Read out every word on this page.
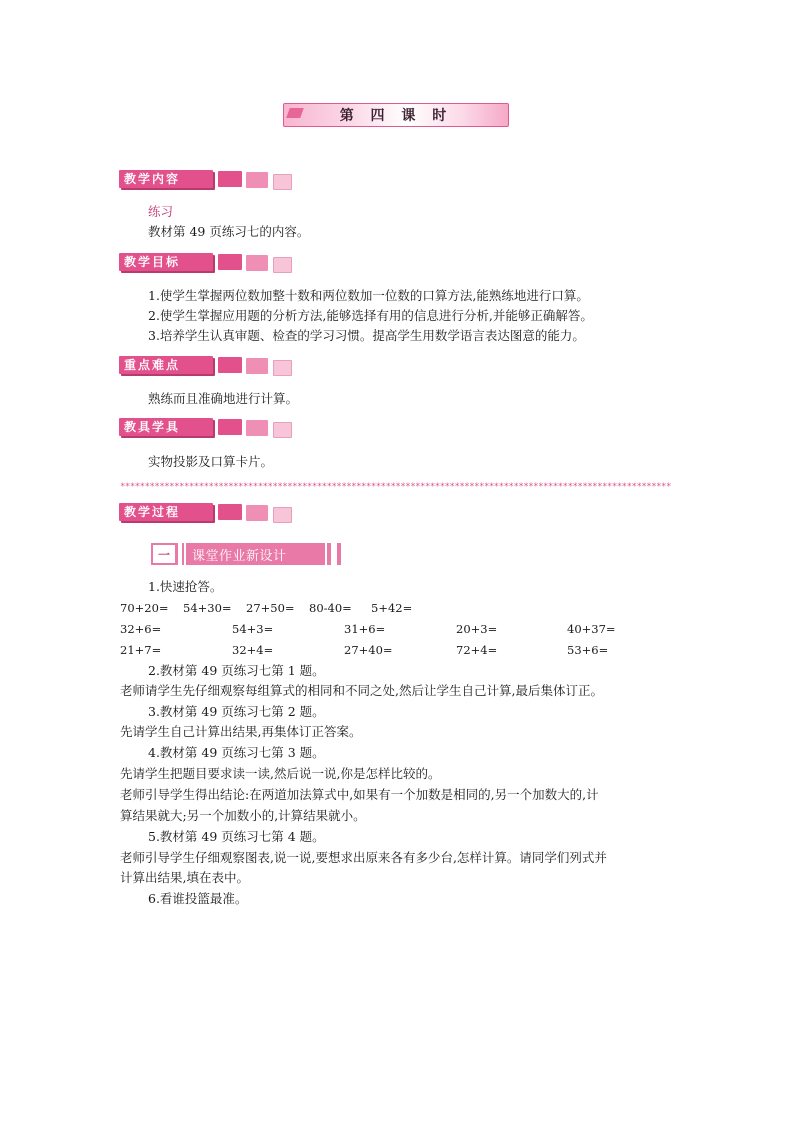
第 四 课 时
教学内容
练习
教材第 49 页练习七的内容。
教学目标
1.使学生掌握两位数加整十数和两位数加一位数的口算方法,能熟练地进行口算。
2.使学生掌握应用题的分析方法,能够选择有用的信息进行分析,并能够正确解答。
3.培养学生认真审题、检查的学习习惯。提高学生用数学语言表达图意的能力。
重点难点
熟练而且准确地进行计算。
教具学具
实物投影及口算卡片。
****************************************************************************************************************
教学过程
一 课堂作业新设计
1.快速抢答。
70+20= 54+30= 27+50= 80-40= 5+42=
32+6=	54+3=	31+6=	20+3=	40+37=
21+7=	32+4=	27+40=	72+4=	53+6=
2.教材第 49 页练习七第 1 题。
老师请学生先仔细观察每组算式的相同和不同之处,然后让学生自己计算,最后集体订正。
3.教材第 49 页练习七第 2 题。
先请学生自己计算出结果,再集体订正答案。
4.教材第 49 页练习七第 3 题。
先请学生把题目要求读一读,然后说一说,你是怎样比较的。
老师引导学生得出结论:在两道加法算式中,如果有一个加数是相同的,另一个加数大的,计
算结果就大;另一个加数小的,计算结果就小。
5.教材第 49 页练习七第 4 题。
老师引导学生仔细观察图表,说一说,要想求出原来各有多少台,怎样计算。请同学们列式并
计算出结果,填在表中。
6.看谁投篮最准。
